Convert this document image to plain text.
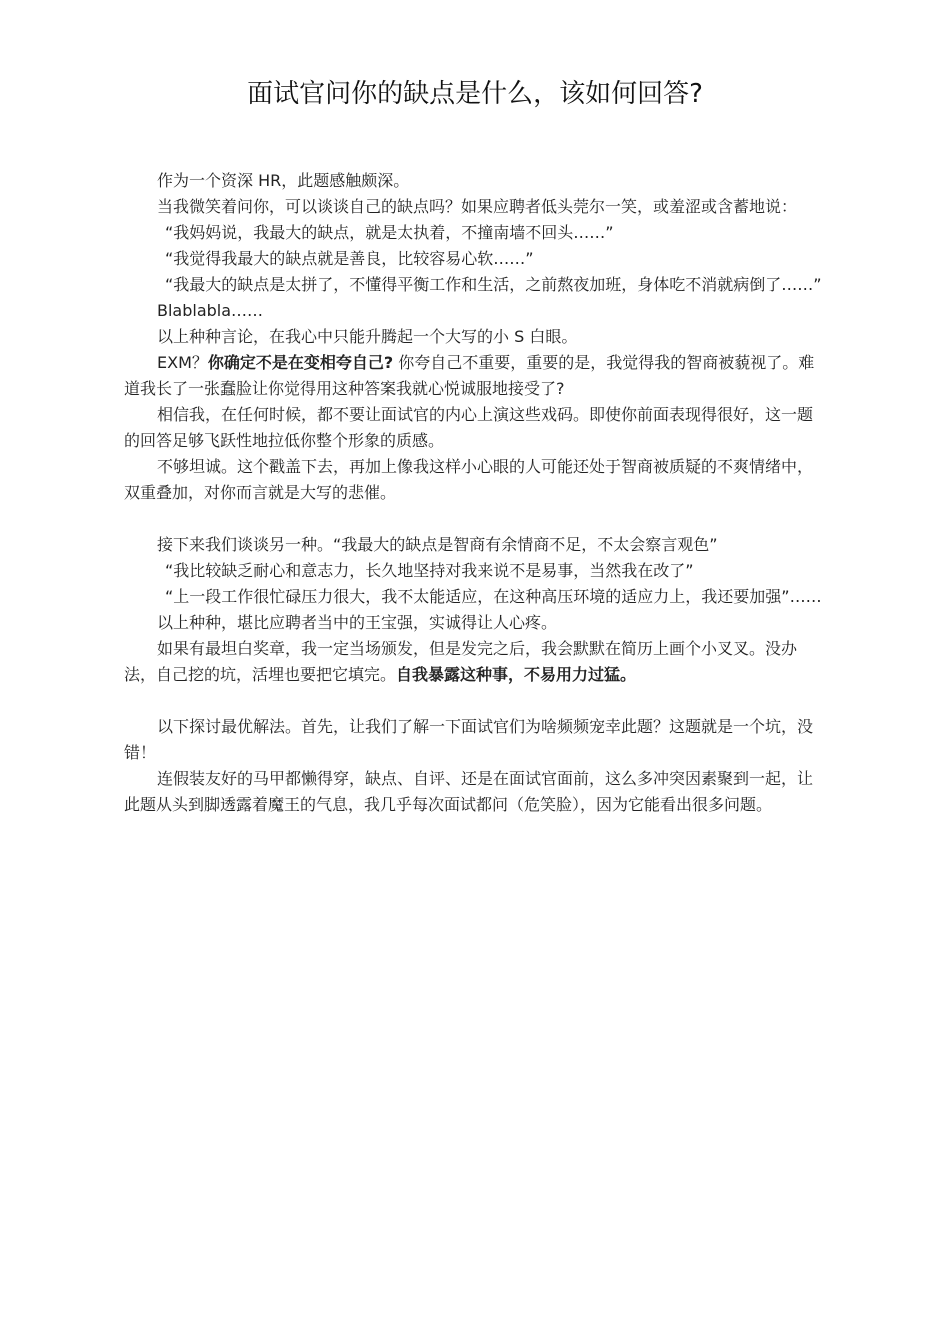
面试官问你的缺点是什么，该如何回答?

作为一个资深 HR，此题感触颇深。

当我微笑着问你，可以谈谈自己的缺点吗？如果应聘者低头莞尔一笑，或羞涩或含蓄地说：

“我妈妈说，我最大的缺点，就是太执着，不撞南墙不回头……”

“我觉得我最大的缺点就是善良，比较容易心软……”

“我最大的缺点是太拼了，不懂得平衡工作和生活，之前熬夜加班，身体吃不消就病倒了……”

Blablabla……

以上种种言论，在我心中只能升腾起一个大写的小 S 白眼。

EXM？你确定不是在变相夸自己? 你夸自己不重要，重要的是，我觉得我的智商被藐视了。难道我长了一张蠢脸让你觉得用这种答案我就心悦诚服地接受了?

相信我，在任何时候，都不要让面试官的内心上演这些戏码。即使你前面表现得很好，这一题的回答足够飞跃性地拉低你整个形象的质感。

不够坦诚。这个戳盖下去，再加上像我这样小心眼的人可能还处于智商被质疑的不爽情绪中，双重叠加，对你而言就是大写的悲催。

接下来我们谈谈另一种。“我最大的缺点是智商有余情商不足，不太会察言观色”

“我比较缺乏耐心和意志力，长久地坚持对我来说不是易事，当然我在改了”

“上一段工作很忙碌压力很大，我不太能适应，在这种高压环境的适应力上，我还要加强”……

以上种种，堪比应聘者当中的王宝强，实诚得让人心疼。

如果有最坦白奖章，我一定当场颁发，但是发完之后，我会默默在简历上画个小叉叉。没办法，自己挖的坑，活埋也要把它填完。自我暴露这种事，不易用力过猛。

以下探讨最优解法。首先，让我们了解一下面试官们为啥频频宠幸此题？这题就是一个坑，没错！

连假装友好的马甲都懒得穿，缺点、自评、还是在面试官面前，这么多冲突因素聚到一起，让此题从头到脚透露着魔王的气息，我几乎每次面试都问（危笑脸），因为它能看出很多问题。
